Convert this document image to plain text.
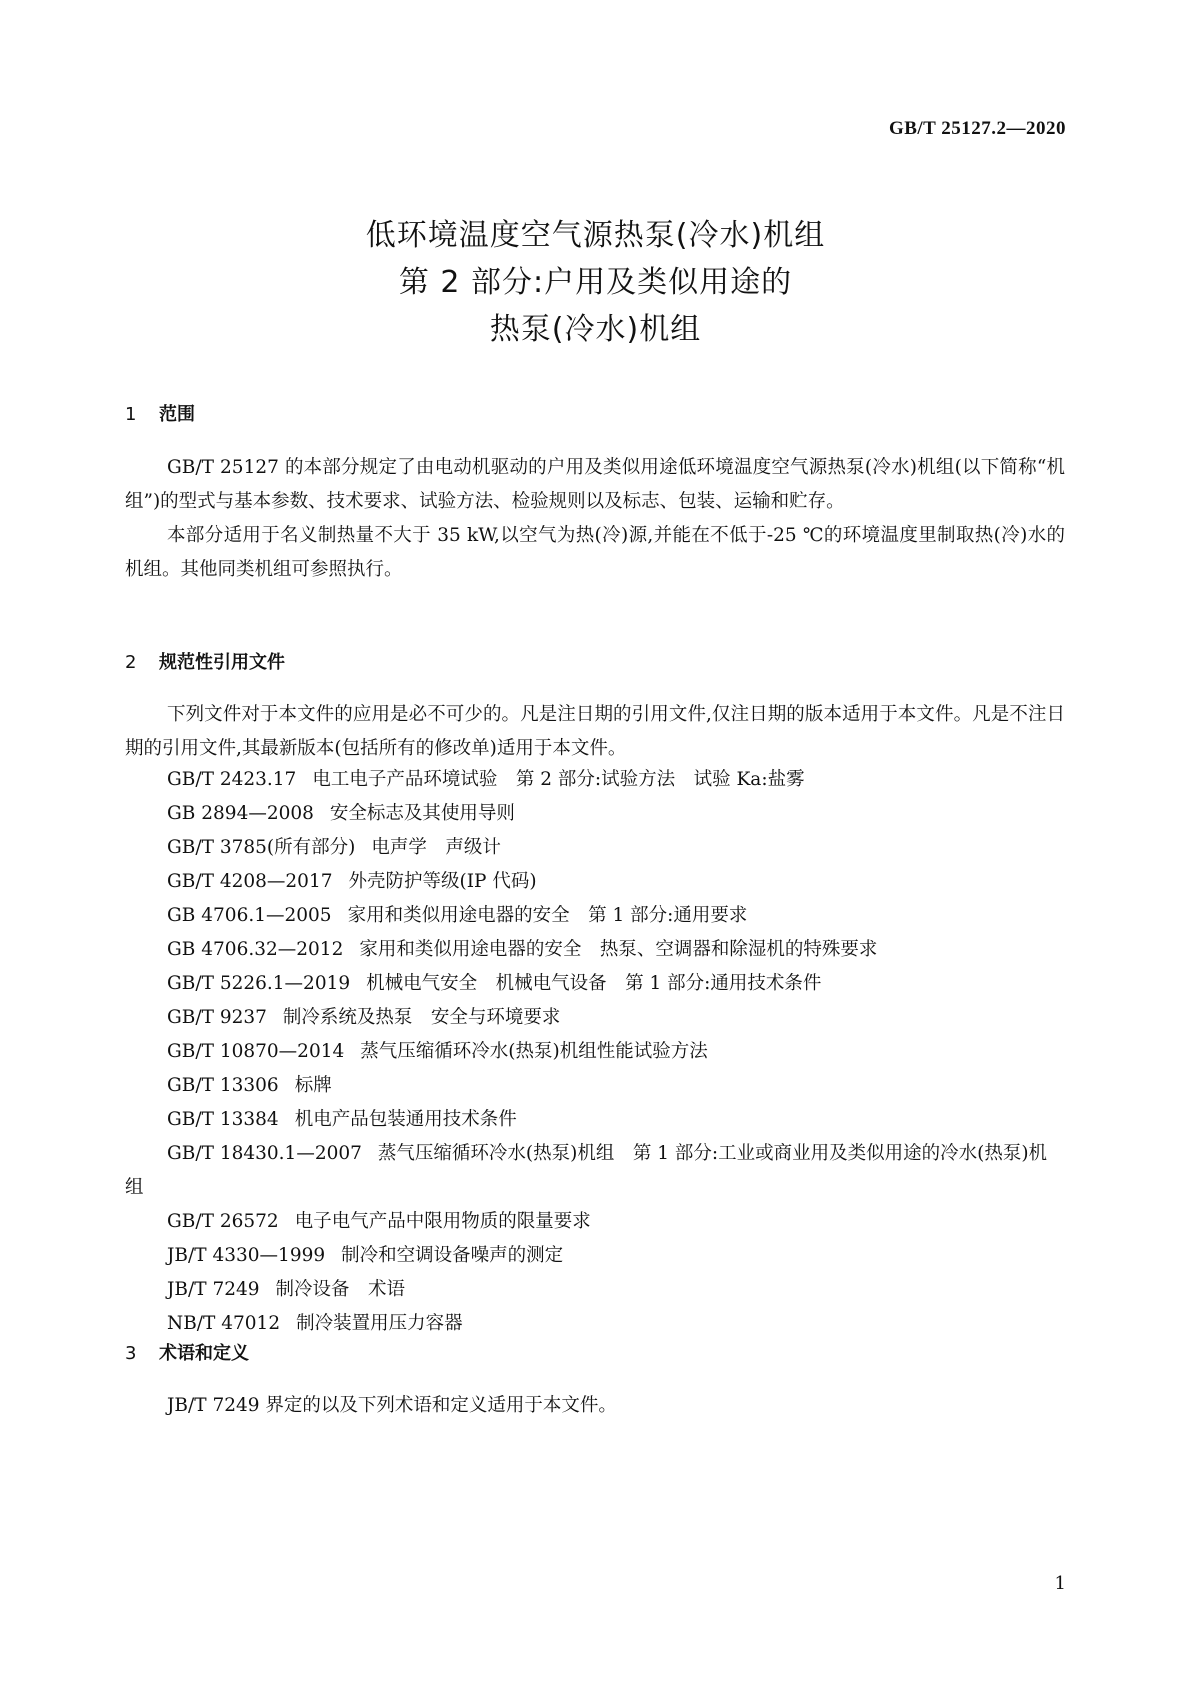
GB/T 25127.2—2020
低环境温度空气源热泵(冷水)机组
第 2 部分:户用及类似用途的
热泵(冷水)机组
1 范围

GB/T 25127 的本部分规定了由电动机驱动的户用及类似用途低环境温度空气源热泵(冷水)机组(以下简称“机组”)的型式与基本参数、技术要求、试验方法、检验规则以及标志、包装、运输和贮存。

本部分适用于名义制热量不大于 35 kW,以空气为热(冷)源,并能在不低于-25 ℃的环境温度里制取热(冷)水的机组。其他同类机组可参照执行。

2 规范性引用文件

下列文件对于本文件的应用是必不可少的。凡是注日期的引用文件,仅注日期的版本适用于本文件。凡是不注日期的引用文件,其最新版本(包括所有的修改单)适用于本文件。

GB/T 2423.17 电工电子产品环境试验　第 2 部分:试验方法　试验 Ka:盐雾
GB 2894—2008 安全标志及其使用导则
GB/T 3785(所有部分) 电声学　声级计
GB/T 4208—2017 外壳防护等级(IP 代码)
GB 4706.1—2005 家用和类似用途电器的安全　第 1 部分:通用要求
GB 4706.32—2012 家用和类似用途电器的安全　热泵、空调器和除湿机的特殊要求
GB/T 5226.1—2019 机械电气安全　机械电气设备　第 1 部分:通用技术条件
GB/T 9237 制冷系统及热泵　安全与环境要求
GB/T 10870—2014 蒸气压缩循环冷水(热泵)机组性能试验方法
GB/T 13306 标牌
GB/T 13384 机电产品包装通用技术条件
GB/T 18430.1—2007 蒸气压缩循环冷水(热泵)机组　第 1 部分:工业或商业用及类似用途的冷水(热泵)机组
GB/T 26572 电子电气产品中限用物质的限量要求
JB/T 4330—1999 制冷和空调设备噪声的测定
JB/T 7249 制冷设备　术语
NB/T 47012 制冷装置用压力容器
3 术语和定义

JB/T 7249 界定的以及下列术语和定义适用于本文件。

1
